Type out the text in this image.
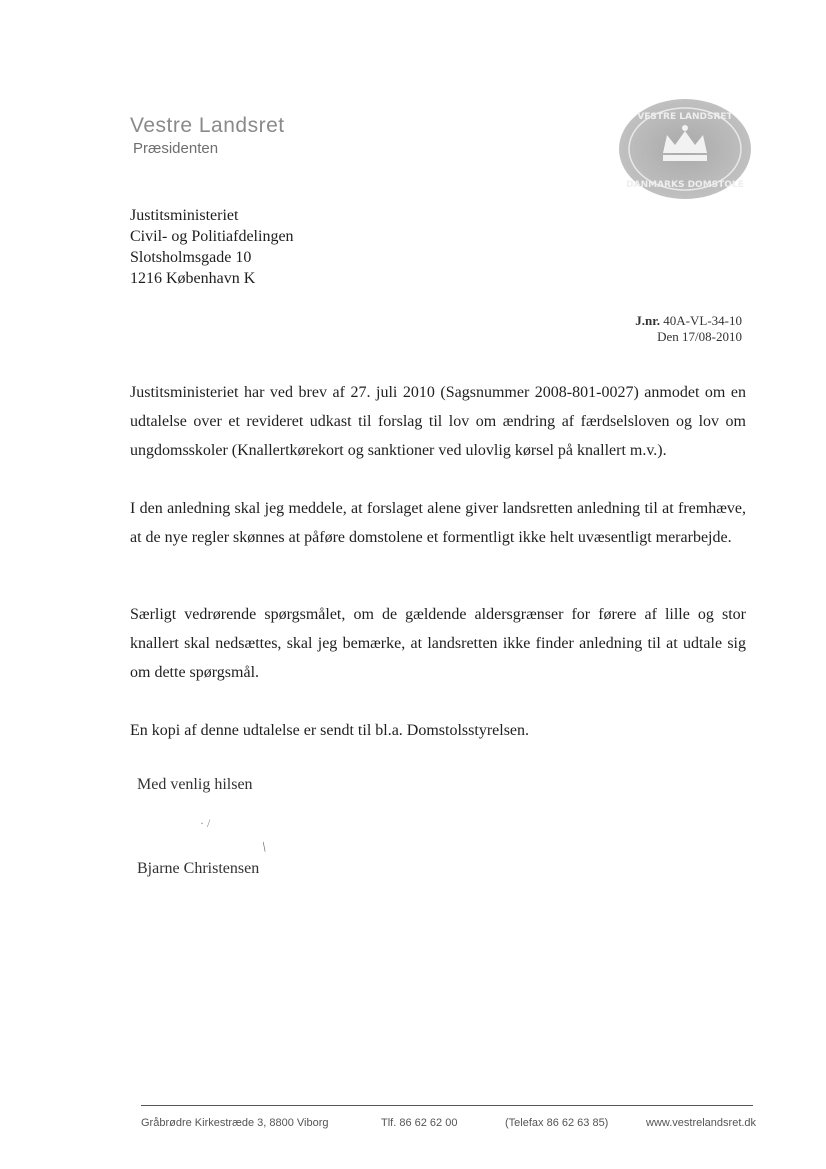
Vestre Landsret
Præsidenten
VESTRE LANDSRET
DANMARKS DOMSTOLE
Justitsministeriet
Civil- og Politiafdelingen
Slotsholmsgade 10
1216 København K
J.nr. 40A-VL-34-10
Den 17/08-2010

Justitsministeriet har ved brev af 27. juli 2010 (Sagsnummer 2008-801-0027) anmodet om en udtalelse over et revideret udkast til forslag til lov om ændring af færdselsloven og lov om ungdomsskoler (Knallertkørekort og sanktioner ved ulovlig kørsel på knallert m.v.).

I den anledning skal jeg meddele, at forslaget alene giver landsretten anledning til at fremhæve, at de nye regler skønnes at påføre domstolene et formentligt ikke helt uvæsentligt merarbejde.

Særligt vedrørende spørgsmålet, om de gældende aldersgrænser for førere af lille og stor knallert skal nedsættes, skal jeg bemærke, at landsretten ikke finder anledning til at udtale sig om dette spørgsmål.

En kopi af denne udtalelse er sendt til bl.a. Domstolsstyrelsen.

Med venlig hilsen
· /
/
Bjarne Christensen
Gråbrødre Kirkestræde 3, 8800 Viborg	Tlf. 86 62 62 00	(Telefax 86 62 63 85)	www.vestrelandsret.dk
